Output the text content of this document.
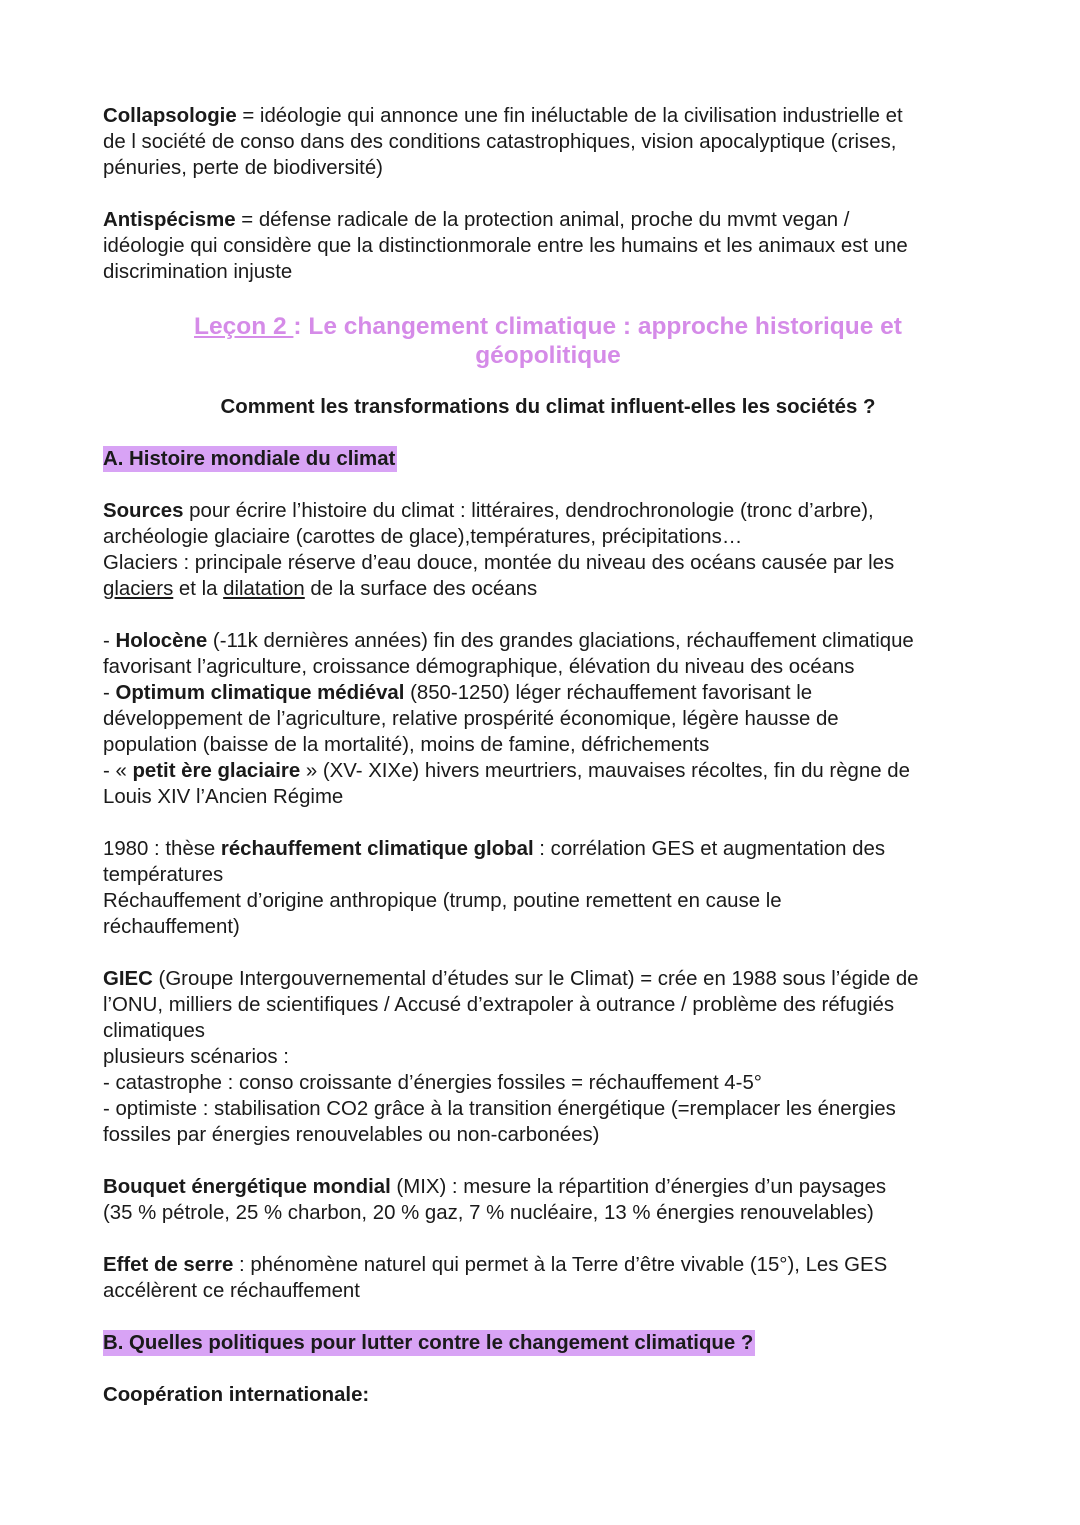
Collapsologie = idéologie qui annonce une fin inéluctable de la civilisation industrielle et
de l société de conso dans des conditions catastrophiques, vision apocalyptique (crises,
pénuries, perte de biodiversité)
Antispécisme = défense radicale de la protection animal, proche du mvmt vegan /
idéologie qui considère que la distinctionmorale entre les humains et les animaux est une
discrimination injuste
Leçon 2 : Le changement climatique : approche historique et
géopolitique
Comment les transformations du climat influent-elles les sociétés ?
A. Histoire mondiale du climat
Sources pour écrire l’histoire du climat : littéraires, dendrochronologie (tronc d’arbre),
archéologie glaciaire (carottes de glace),températures, précipitations…
Glaciers : principale réserve d’eau douce, montée du niveau des océans causée par les
glaciers et la dilatation de la surface des océans
- Holocène (-11k dernières années) fin des grandes glaciations, réchauffement climatique
favorisant l’agriculture, croissance démographique, élévation du niveau des océans
- Optimum climatique médiéval (850-1250) léger réchauffement favorisant le
développement de l’agriculture, relative prospérité économique, légère hausse de
population (baisse de la mortalité), moins de famine, défrichements
- « petit ère glaciaire » (XV- XIXe) hivers meurtriers, mauvaises récoltes, fin du règne de
Louis XIV l’Ancien Régime
1980 : thèse réchauffement climatique global : corrélation GES et augmentation des
températures
Réchauffement d’origine anthropique (trump, poutine remettent en cause le
réchauffement)
GIEC (Groupe Intergouvernemental d’études sur le Climat) = crée en 1988 sous l’égide de
l’ONU, milliers de scientifiques / Accusé d’extrapoler à outrance / problème des réfugiés
climatiques
plusieurs scénarios :
- catastrophe : conso croissante d’énergies fossiles = réchauffement 4-5°
- optimiste : stabilisation CO2 grâce à la transition énergétique (=remplacer les énergies
fossiles par énergies renouvelables ou non-carbonées)
Bouquet énergétique mondial (MIX) : mesure la répartition d’énergies d’un paysages
(35 % pétrole, 25 % charbon, 20 % gaz, 7 % nucléaire, 13 % énergies renouvelables)
Effet de serre : phénomène naturel qui permet à la Terre d’être vivable (15°), Les GES
accélèrent ce réchauffement
B. Quelles politiques pour lutter contre le changement climatique ?
Coopération internationale:
